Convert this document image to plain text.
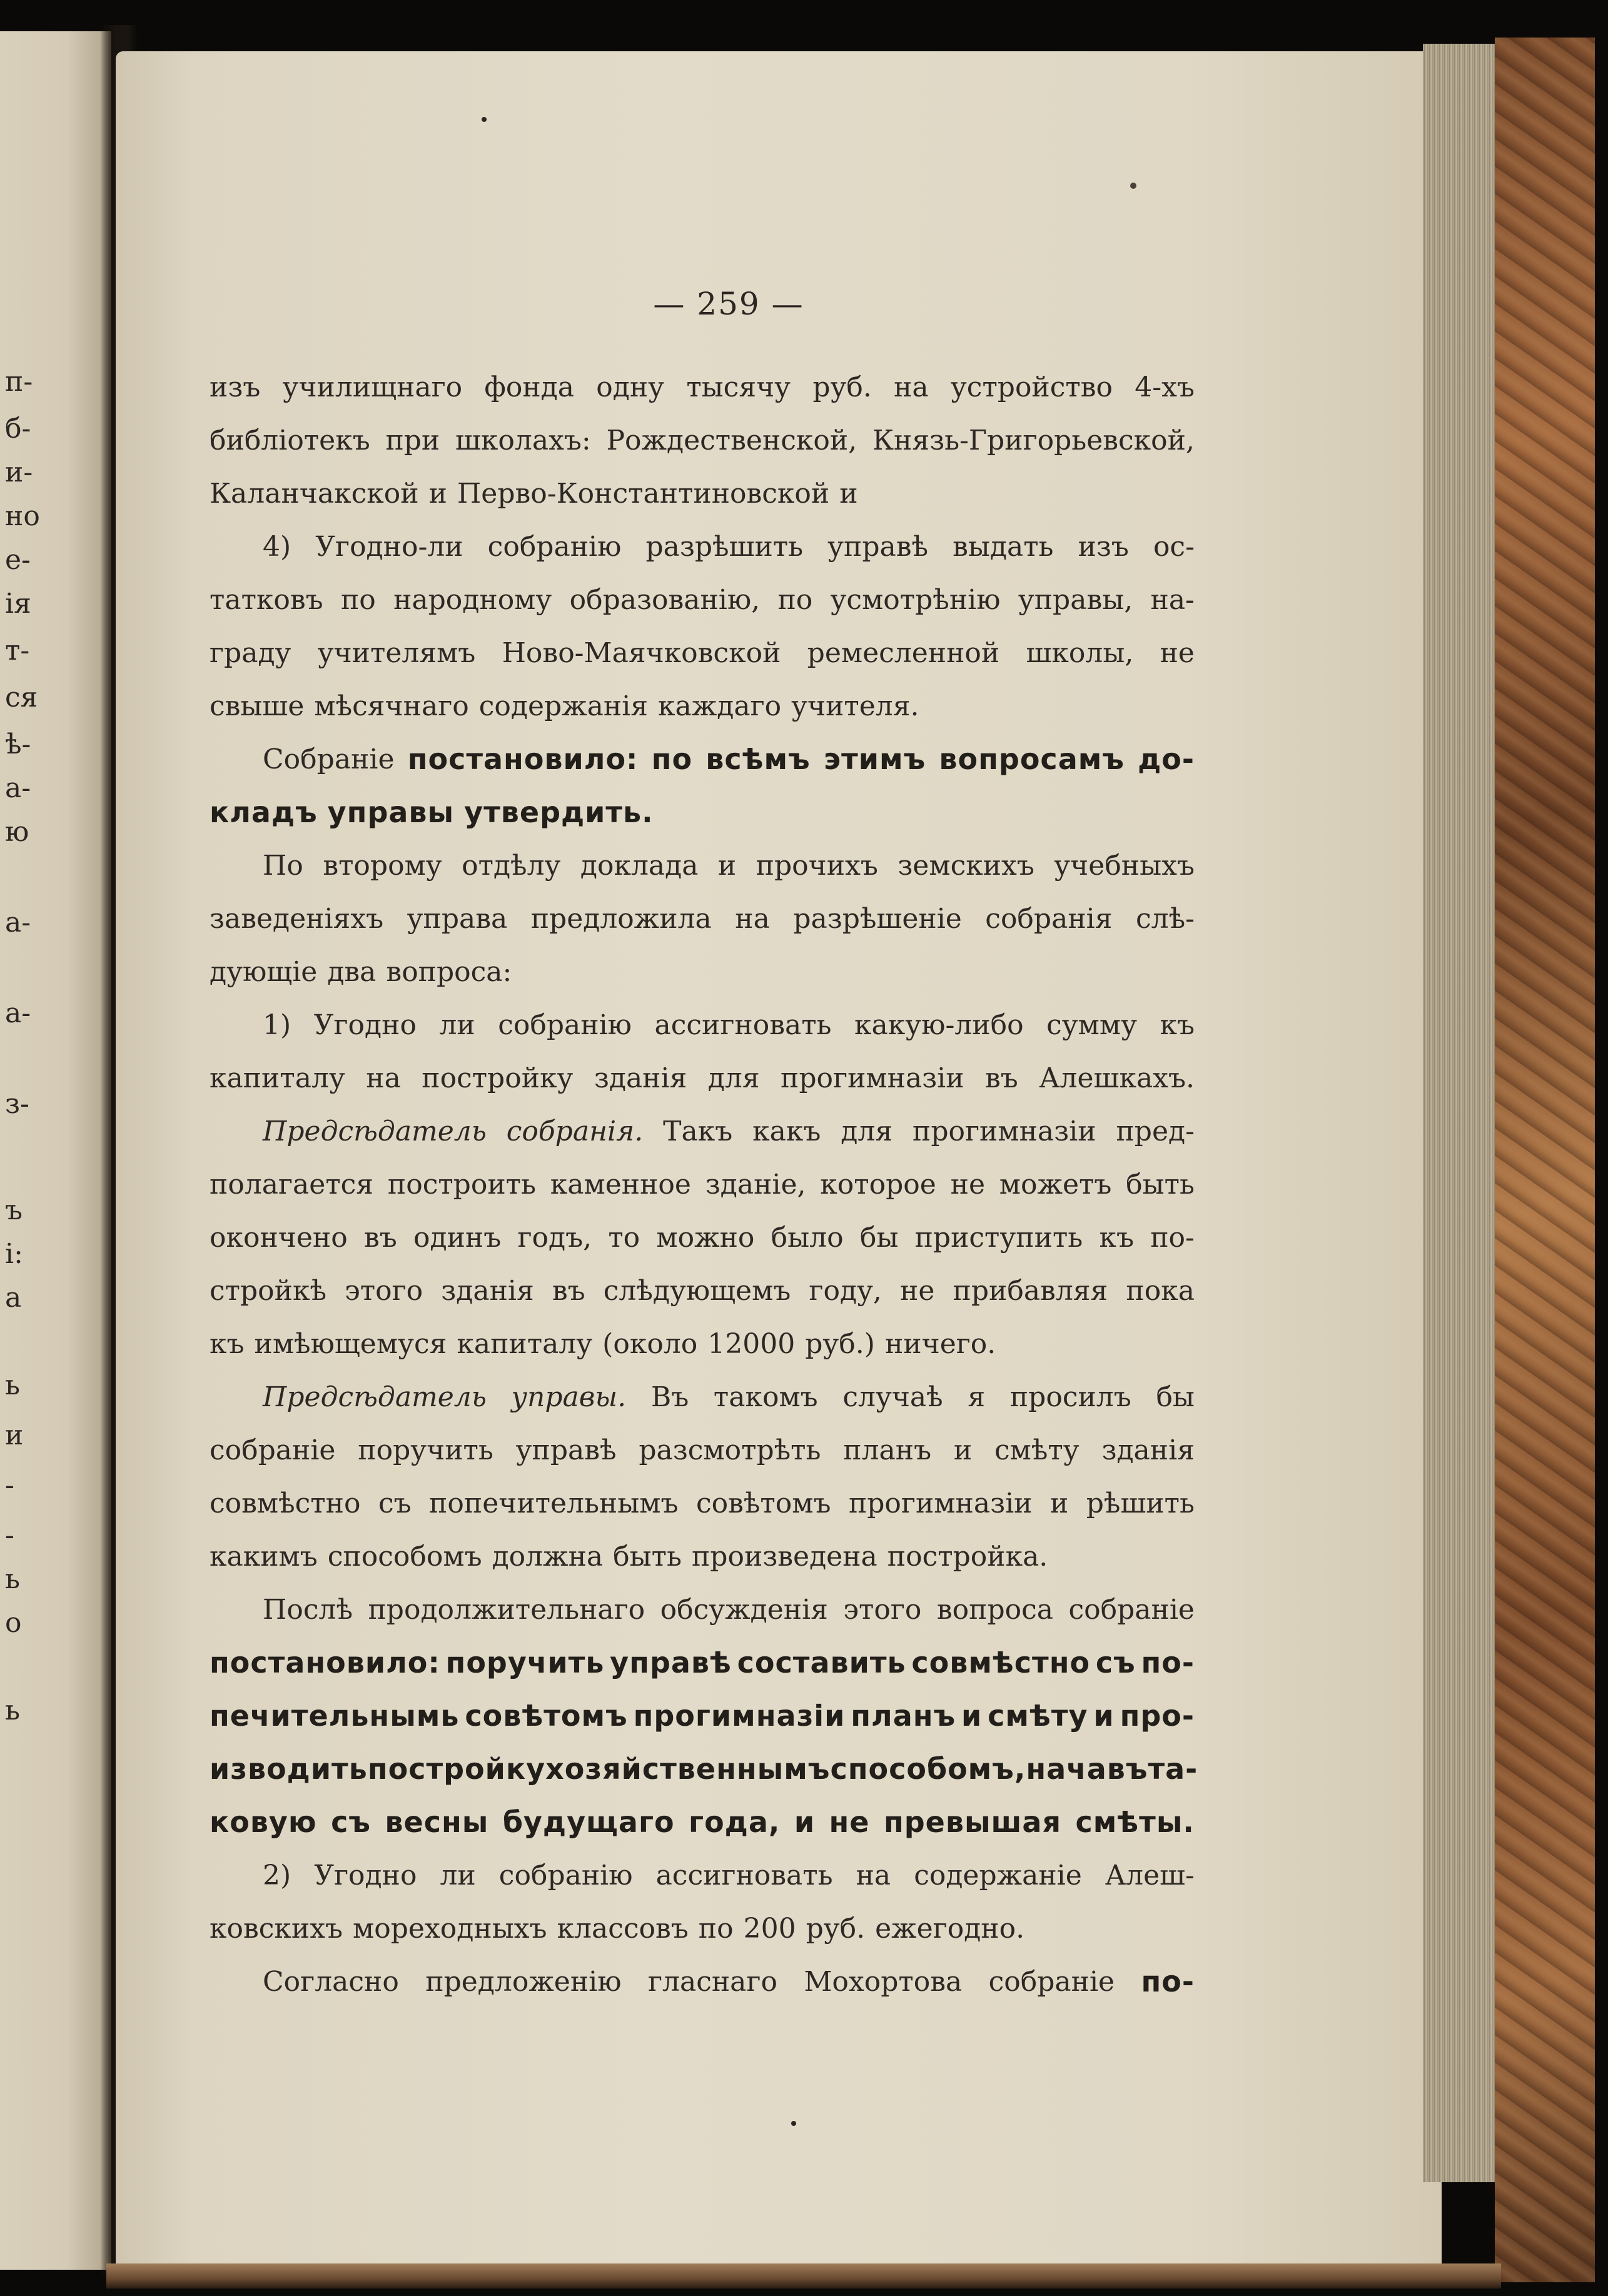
п-
б-
и-
но
е-
ія
т-
ся
ѣ-
а-
ю
а-
а-
з-
ъ
і:
а
ь
и
-
-
ь
о
ь
— 259 —
изъ училищнаго фонда одну тысячу руб. на устройство 4-хъ
библіотекъ при школахъ: Рождественской, Князь-Григорьевской,
Каланчакской и Перво-Константиновской и
4) Угодно-ли собранію разрѣшить управѣ выдать изъ ос-
татковъ по народному образованію, по усмотрѣнію управы, на-
граду учителямъ Ново-Маячковской ремесленной школы, не
свыше мѣсячнаго содержанія каждаго учителя.
Собраніе постановило: по всѣмъ этимъ вопросамъ до-
кладъ управы утвердить.
По второму отдѣлу доклада и прочихъ земскихъ учебныхъ
заведеніяхъ управа предложила на разрѣшеніе собранія слѣ-
дующіе два вопроса:
1) Угодно ли собранію ассигновать какую-либо сумму къ
капиталу на постройку зданія для прогимназіи въ Алешкахъ.
Предсѣдатель собранія. Такъ какъ для прогимназіи пред-
полагается построить каменное зданіе, которое не можетъ быть
окончено въ одинъ годъ, то можно было бы приступить къ по-
стройкѣ этого зданія въ слѣдующемъ году, не прибавляя пока
къ имѣющемуся капиталу (около 12000 руб.) ничего.
Предсѣдатель управы. Въ такомъ случаѣ я просилъ бы
собраніе поручить управѣ разсмотрѣть планъ и смѣту зданія
совмѣстно съ попечительнымъ совѣтомъ прогимназіи и рѣшить
какимъ способомъ должна быть произведена постройка.
Послѣ продолжительнаго обсужденія этого вопроса собраніе
постановило: поручить управѣ составить совмѣстно съ по-
печительнымь совѣтомъ прогимназіи планъ и смѣту и про-
изводить постройку хозяйственнымъ способомъ, начавъ та-
ковую съ весны будущаго года, и не превышая смѣты.
2) Угодно ли собранію ассигновать на содержаніе Алеш-
ковскихъ мореходныхъ классовъ по 200 руб. ежегодно.
Согласно предложенію гласнаго Мохортова собраніе по-
